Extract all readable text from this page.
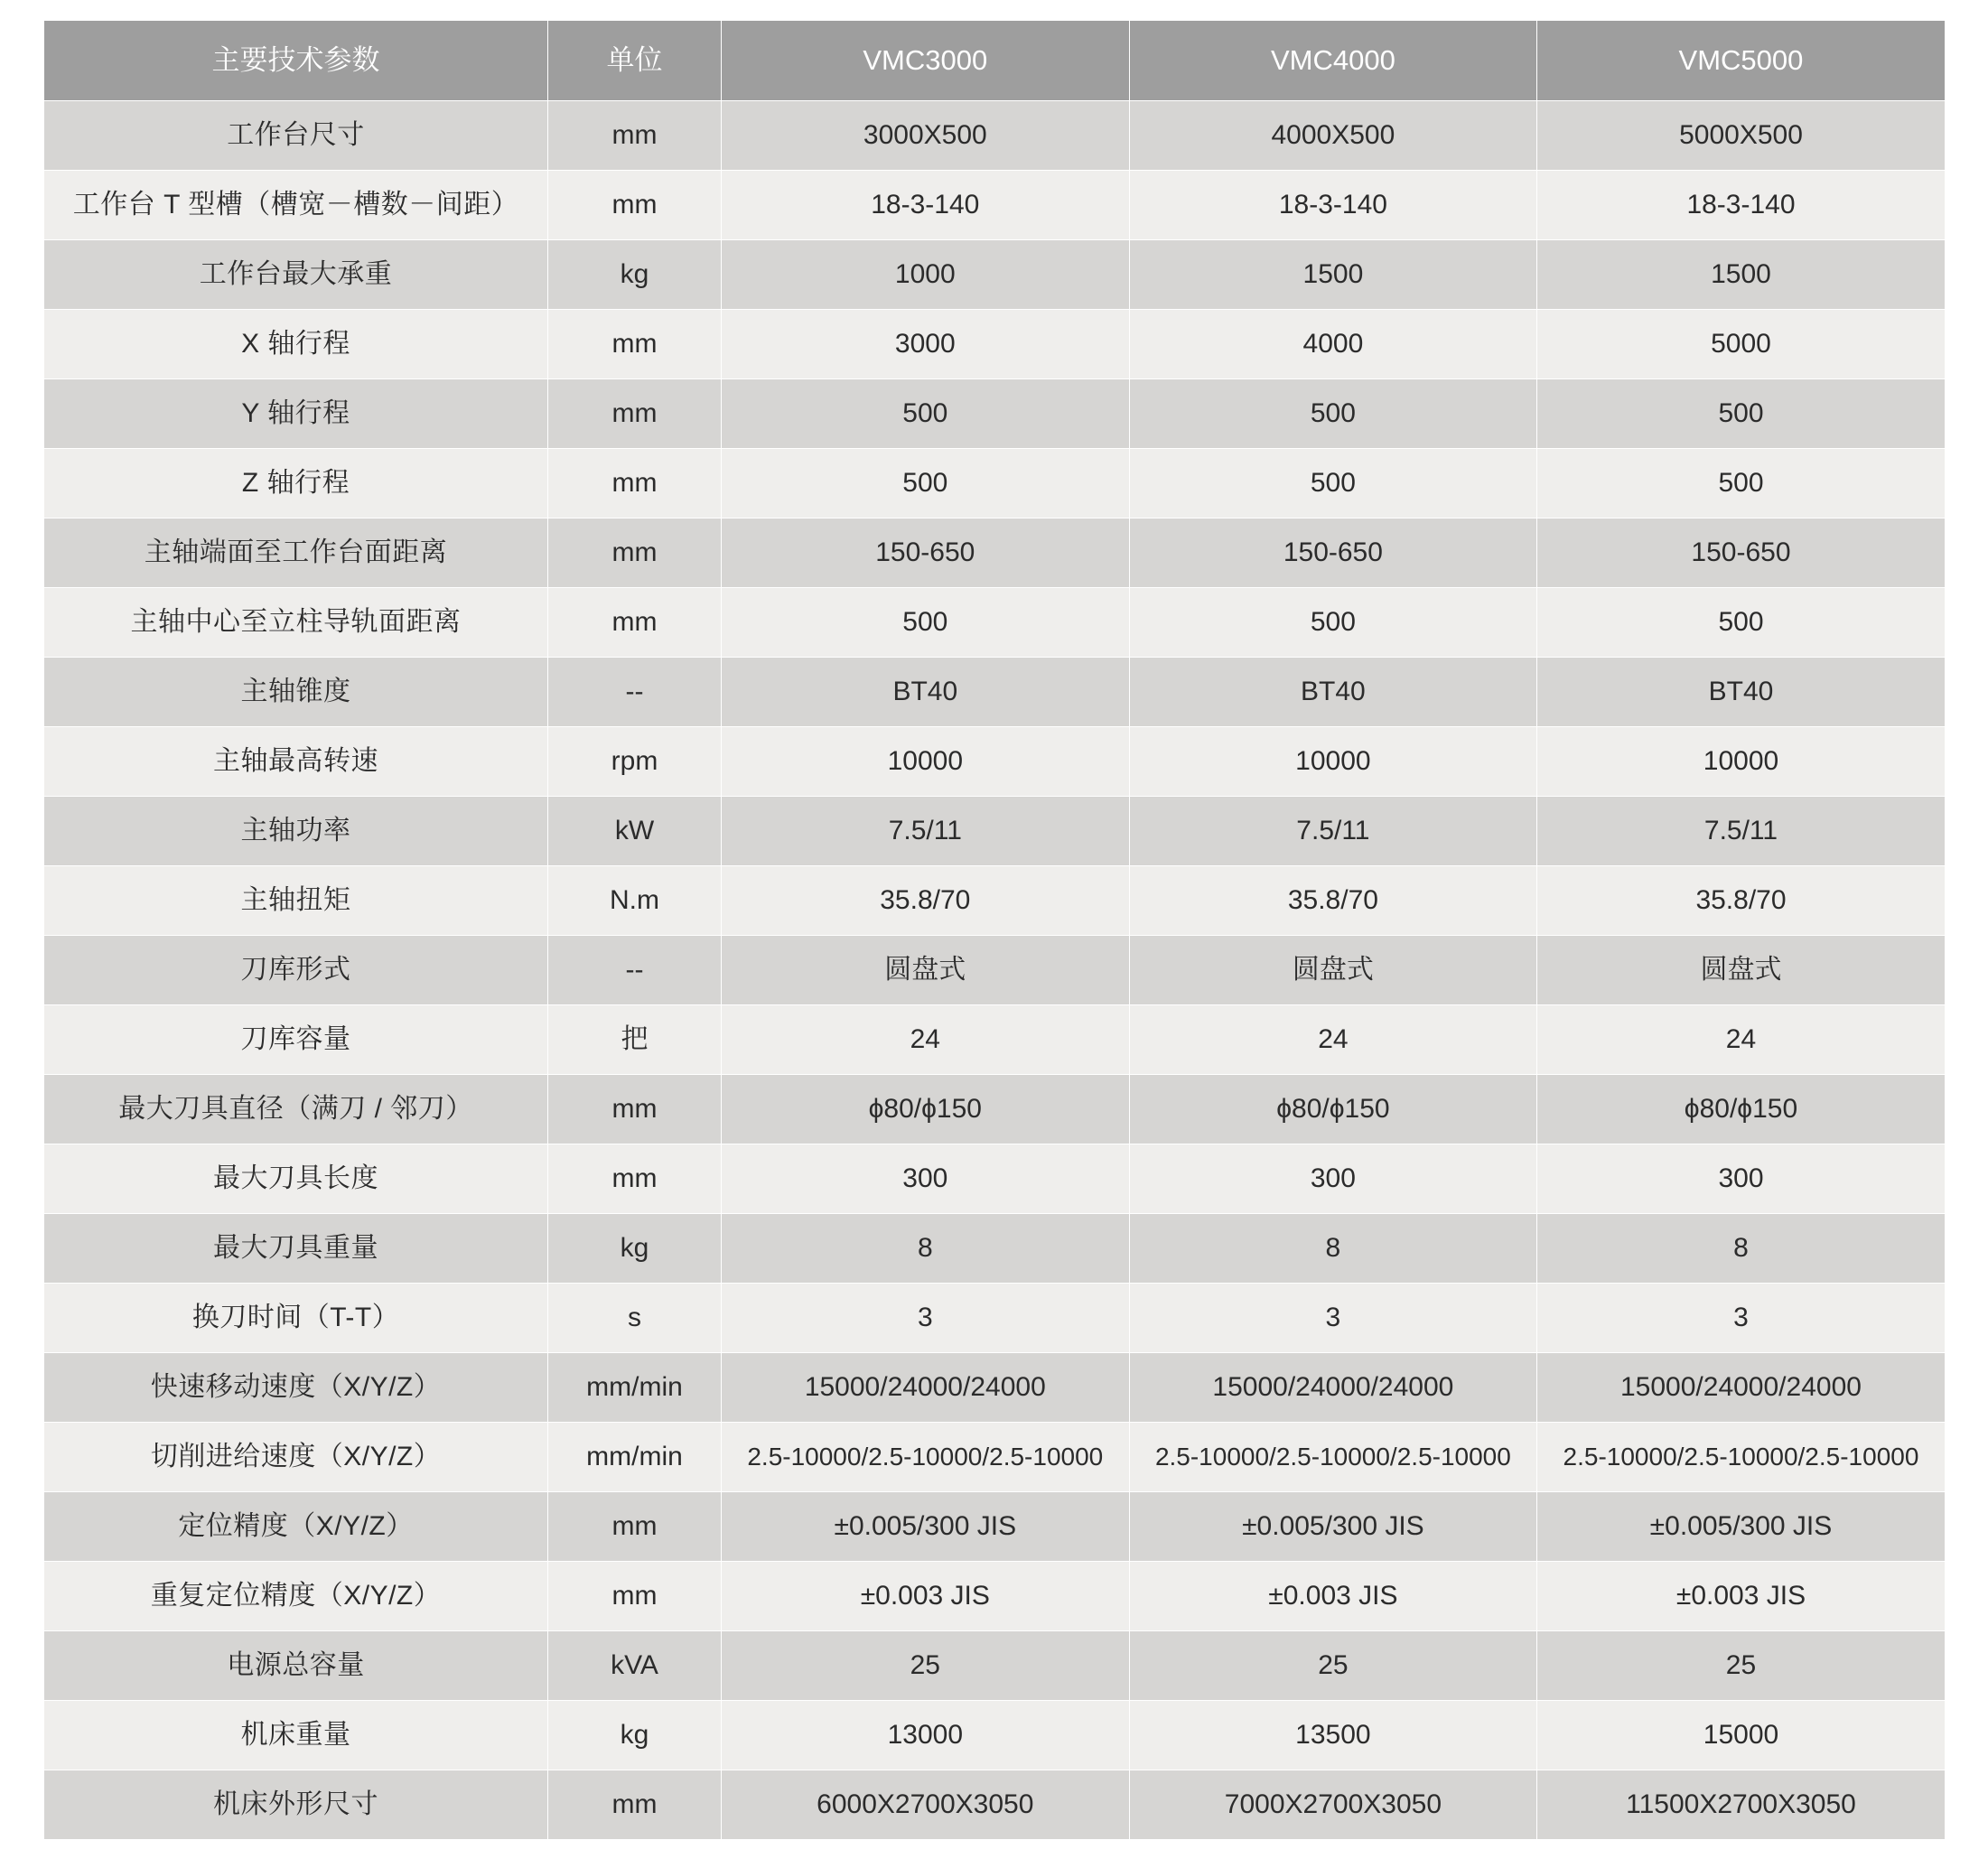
主要技术参数	单位	VMC3000	VMC4000	VMC5000
工作台尺寸	mm	3000X500	4000X500	5000X500
工作台 T 型槽（槽宽－槽数－间距）	mm	18-3-140	18-3-140	18-3-140
工作台最大承重	kg	1000	1500	1500
X 轴行程	mm	3000	4000	5000
Y 轴行程	mm	500	500	500
Z 轴行程	mm	500	500	500
主轴端面至工作台面距离	mm	150-650	150-650	150-650
主轴中心至立柱导轨面距离	mm	500	500	500
主轴锥度	--	BT40	BT40	BT40
主轴最高转速	rpm	10000	10000	10000
主轴功率	kW	7.5/11	7.5/11	7.5/11
主轴扭矩	N.m	35.8/70	35.8/70	35.8/70
刀库形式	--	圆盘式	圆盘式	圆盘式
刀库容量	把	24	24	24
最大刀具直径（满刀 / 邻刀）	mm	ϕ80/ϕ150	ϕ80/ϕ150	ϕ80/ϕ150
最大刀具长度	mm	300	300	300
最大刀具重量	kg	8	8	8
换刀时间（T-T）	s	3	3	3
快速移动速度（X/Y/Z）	mm/min	15000/24000/24000	15000/24000/24000	15000/24000/24000
切削进给速度（X/Y/Z）	mm/min	2.5-10000/2.5-10000/2.5-10000	2.5-10000/2.5-10000/2.5-10000	2.5-10000/2.5-10000/2.5-10000
定位精度（X/Y/Z）	mm	±0.005/300 JIS	±0.005/300 JIS	±0.005/300 JIS
重复定位精度（X/Y/Z）	mm	±0.003 JIS	±0.003 JIS	±0.003 JIS
电源总容量	kVA	25	25	25
机床重量	kg	13000	13500	15000
机床外形尺寸	mm	6000X2700X3050	7000X2700X3050	11500X2700X3050
